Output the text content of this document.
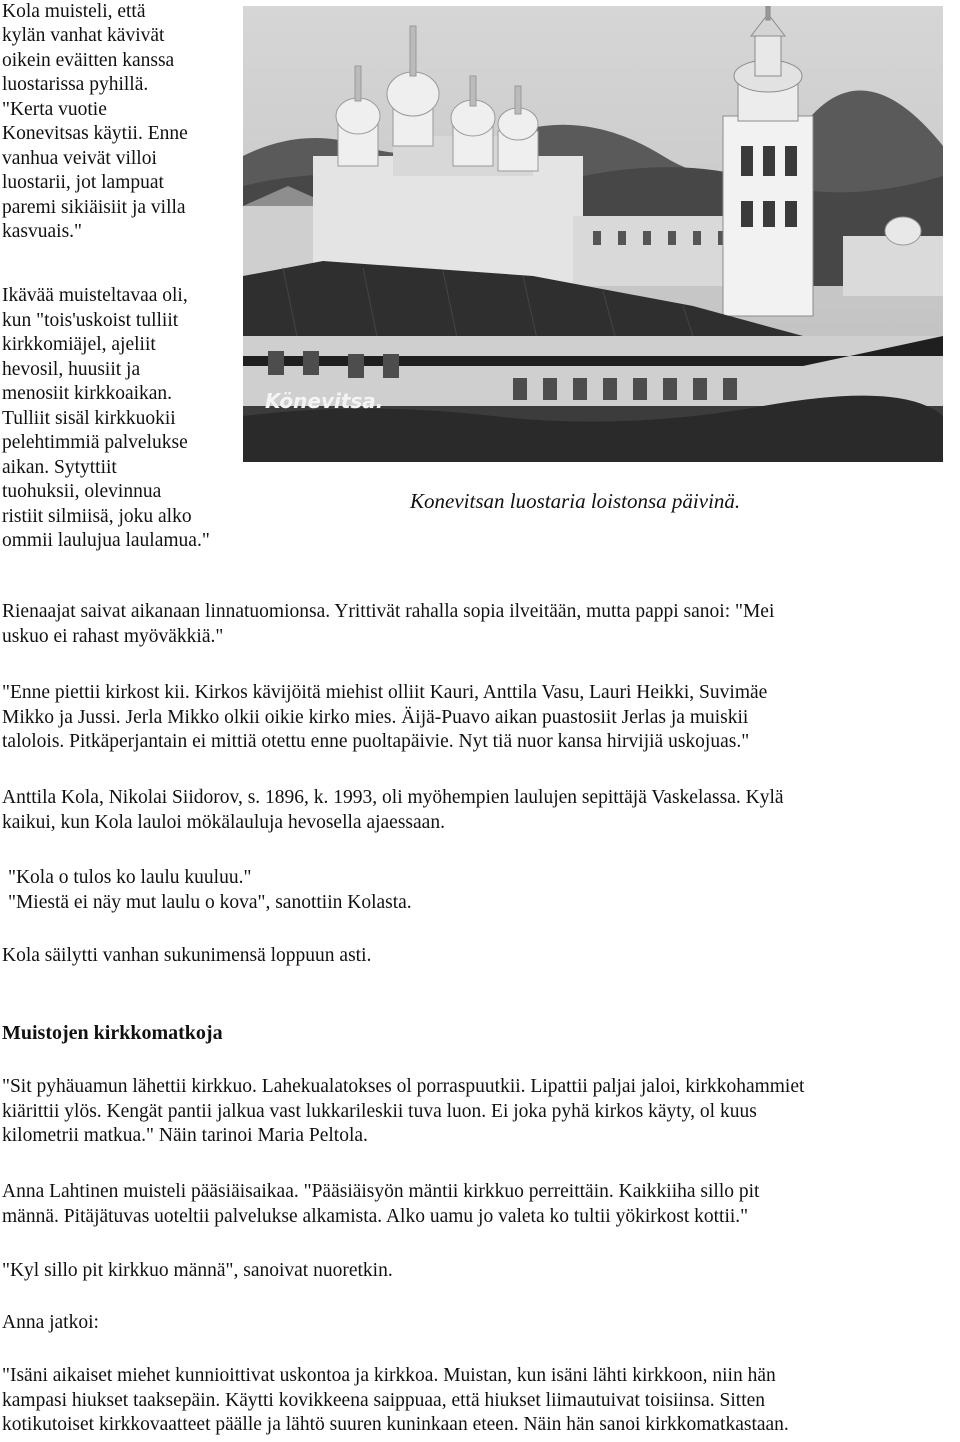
Kola muisteli, että
kylän vanhat kävivät
oikein eväitten kanssa
luostarissa pyhillä.
"Kerta vuotie
Konevitsas käytii. Enne
vanhua veivät villoi
luostarii, jot lampuat
paremi sikiäisiit ja villa
kasvuais."
Ikävää muisteltavaa oli,
kun "tois'uskoist tulliit
kirkkomiäjel, ajeliit
hevosil, huusiit ja
menosiit kirkkoaikan.
Tulliit sisäl kirkkuokii
pelehtimmiä palvelukse
aikan. Sytyttiit
tuohuksii, olevinnua
ristiit silmiisä, joku alko
ommii laulujua laulamua."
Könevitsa.
Konevitsan luostaria loistonsa päivinä.
Rienaajat saivat aikanaan linnatuomionsa. Yrittivät rahalla sopia ilveitään, mutta pappi sanoi: "Mei
uskuo ei rahast myöväkkiä."
"Enne piettii kirkost kii. Kirkos kävijöitä miehist olliit Kauri, Anttila Vasu, Lauri Heikki, Suvimäe
Mikko ja Jussi. Jerla Mikko olkii oikie kirko mies. Äijä-Puavo aikan puastosiit Jerlas ja muiskii
talolois. Pitkäperjantain ei mittiä otettu enne puoltapäivie. Nyt tiä nuor kansa hirvijiä uskojuas."
Anttila Kola, Nikolai Siidorov, s. 1896, k. 1993, oli myöhempien laulujen sepittäjä Vaskelassa. Kylä
kaikui, kun Kola lauloi mökälauluja hevosella ajaessaan.
"Kola o tulos ko laulu kuuluu."
"Miestä ei näy mut laulu o kova", sanottiin Kolasta.
Kola säilytti vanhan sukunimensä loppuun asti.
Muistojen kirkkomatkoja
"Sit pyhäuamun lähettii kirkkuo. Lahekualatokses ol porraspuutkii. Lipattii paljai jaloi, kirkkohammiet
kiärittii ylös. Kengät pantii jalkua vast lukkarileskii tuva luon. Ei joka pyhä kirkos käyty, ol kuus
kilometrii matkua." Näin tarinoi Maria Peltola.
Anna Lahtinen muisteli pääsiäisaikaa. "Pääsiäisyön mäntii kirkkuo perreittäin. Kaikkiiha sillo pit
männä. Pitäjätuvas uoteltii palvelukse alkamista. Alko uamu jo valeta ko tultii yökirkost kottii."
"Kyl sillo pit kirkkuo männä", sanoivat nuoretkin.
Anna jatkoi:
"Isäni aikaiset miehet kunnioittivat uskontoa ja kirkkoa. Muistan, kun isäni lähti kirkkoon, niin hän
kampasi hiukset taaksepäin. Käytti kovikkeena saippuaa, että hiukset liimautuivat toisiinsa. Sitten
kotikutoiset kirkkovaatteet päälle ja lähtö suuren kuninkaan eteen. Näin hän sanoi kirkkomatkastaan.
